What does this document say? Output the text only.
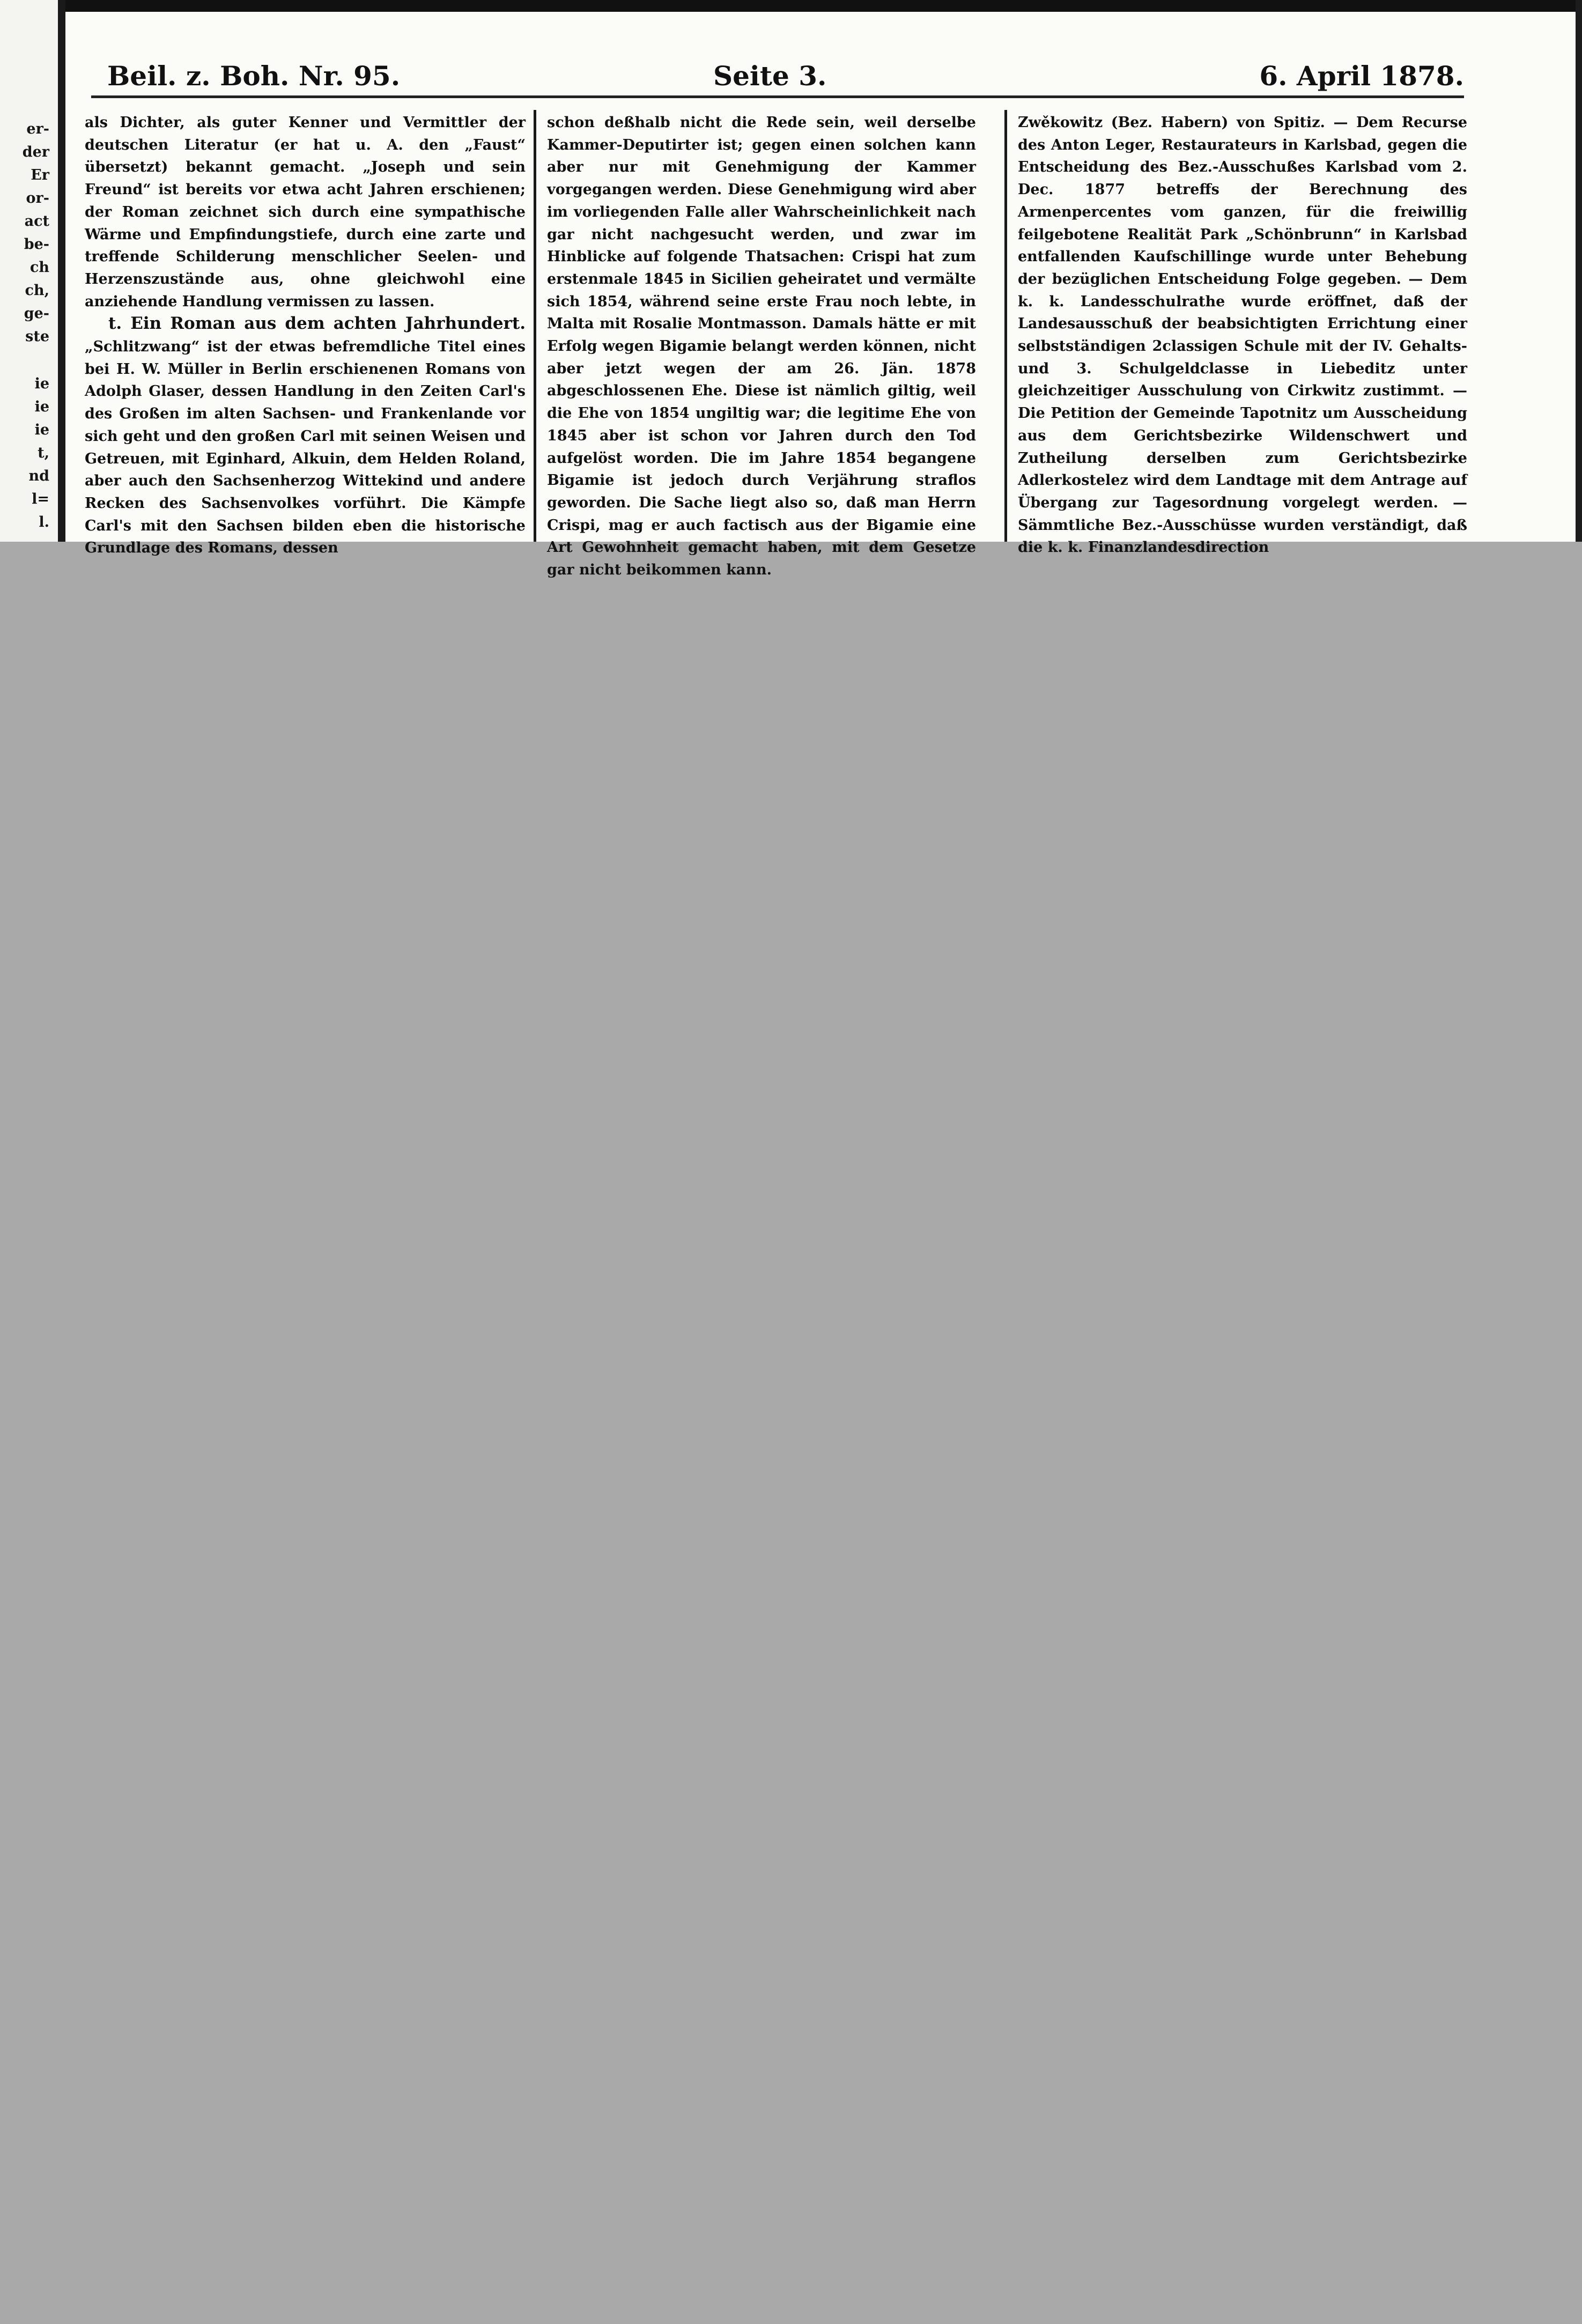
er-
der
Er
or-
act
be-
ch
ch,
ge-
ste
ie
ie
ie
t,
nd
l=
l.
Beil. z. Boh. Nr. 95.	Seite 3.	6. April 1878.

als Dichter, als guter Kenner und Vermittler der deutschen Literatur (er hat u. A. den „Faust“ übersetzt) bekannt gemacht. „Joseph und sein Freund“ ist bereits vor etwa acht Jahren erschienen; der Roman zeichnet sich durch eine sympathische Wärme und Empfindungstiefe, durch eine zarte und treffende Schilderung menschlicher Seelen- und Herzenszustände aus, ohne gleichwohl eine anziehende Handlung vermissen zu lassen.

t. Ein Roman aus dem achten Jahrhundert. „Schlitzwang“ ist der etwas befremdliche Titel eines bei H. W. Müller in Berlin erschienenen Romans von Adolph Glaser, dessen Handlung in den Zeiten Carl's des Großen im alten Sachsen- und Frankenlande vor sich geht und den großen Carl mit seinen Weisen und Getreuen, mit Eginhard, Alkuin, dem Helden Roland, aber auch den Sachsenherzog Wittekind und andere Recken des Sachsenvolkes vorführt. Die Kämpfe Carl's mit den Sachsen bilden eben die historische Grundlage des Romans, dessen

schon deßhalb nicht die Rede sein, weil derselbe Kammer-Deputirter ist; gegen einen solchen kann aber nur mit Genehmigung der Kammer vorgegangen werden. Diese Genehmigung wird aber im vorliegenden Falle aller Wahrscheinlichkeit nach gar nicht nachgesucht werden, und zwar im Hinblicke auf folgende Thatsachen: Crispi hat zum erstenmale 1845 in Sicilien geheiratet und vermälte sich 1854, während seine erste Frau noch lebte, in Malta mit Rosalie Montmasson. Damals hätte er mit Erfolg wegen Bigamie belangt werden können, nicht aber jetzt wegen der am 26. Jän. 1878 abgeschlossenen Ehe. Diese ist nämlich giltig, weil die Ehe von 1854 ungiltig war; die legitime Ehe von 1845 aber ist schon vor Jahren durch den Tod aufgelöst worden. Die im Jahre 1854 begangene Bigamie ist jedoch durch Verjährung straflos geworden. Die Sache liegt also so, daß man Herrn Crispi, mag er auch factisch aus der Bigamie eine Art Gewohnheit gemacht haben, mit dem Gesetze gar nicht beikommen kann.

Zwěkowitz (Bez. Habern) von Spitiz. — Dem Recurse des Anton Leger, Restaurateurs in Karlsbad, gegen die Entscheidung des Bez.-Ausschußes Karlsbad vom 2. Dec. 1877 betreffs der Berechnung des Armenpercentes vom ganzen, für die freiwillig feilgebotene Realität Park „Schönbrunn“ in Karlsbad entfallenden Kaufschillinge wurde unter Behebung der bezüglichen Entscheidung Folge gegeben. — Dem k. k. Landesschulrathe wurde eröffnet, daß der Landesausschuß der beabsichtigten Errichtung einer selbstständigen 2classigen Schule mit der IV. Gehalts- und 3. Schulgeldclasse in Liebeditz unter gleichzeitiger Ausschulung von Cirkwitz zustimmt. — Die Petition der Gemeinde Tapotnitz um Ausscheidung aus dem Gerichtsbezirke Wildenschwert und Zutheilung derselben zum Gerichtsbezirke Adlerkostelez wird dem Landtage mit dem Antrage auf Übergang zur Tagesordnung vorgelegt werden. — Sämmtliche Bez.-Ausschüsse wurden verständigt, daß die k. k. Finanzlandesdirection
